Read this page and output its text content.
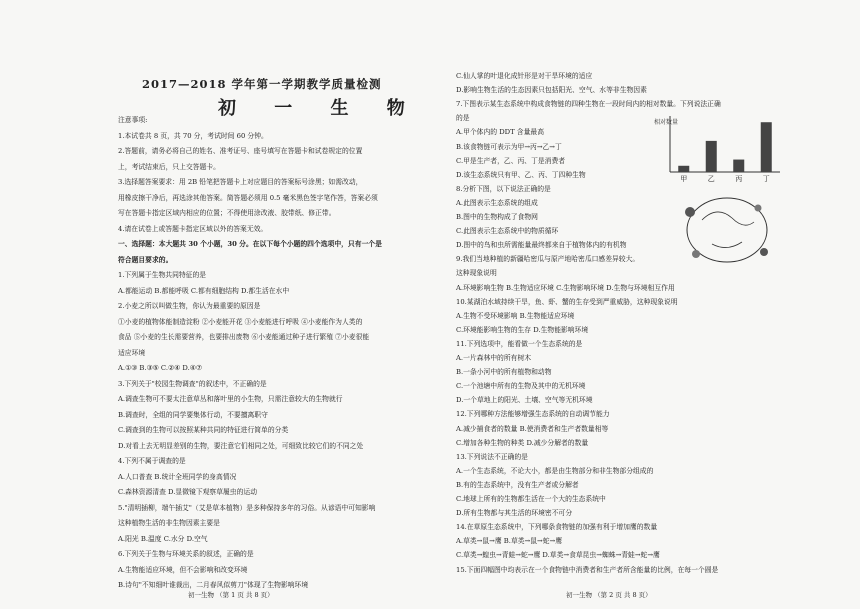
2017—2018 学年第一学期教学质量检测
初 一 生 物
注意事项:
1.本试卷共 8 页，共 70 分，考试时间 60 分钟。
2.答题前，请务必将自己的姓名、准考证号、座号填写在答题卡和试卷规定的位置
上，考试结束后，只上交答题卡。
3.选择题答案要求：用 2B 铅笔把答题卡上对应题目的答案标号涂黑；如需改动，
用橡皮擦干净后，再选涂其他答案。简答题必须用 0.5 毫米黑色签字笔作答，答案必须
写在答题卡指定区域内相应的位置；不得使用涂改液、胶带纸、修正带。
4.请在试卷上或答题卡指定区域以外的答案无效。
一、选择题：本大题共 30 个小题，30 分。在以下每个小题的四个选项中，只有一个是
符合题目要求的。
1.下列属于生物共同特征的是
A.都能运动 B.都能呼吸 C.都有细胞结构 D.都生活在水中
2.小麦之所以叫做生物，你认为最重要的原因是
①小麦的植物体能制造淀粉 ②小麦能开花 ③小麦能进行呼吸 ④小麦能作为人类的
食品 ⑤小麦的生长需要营养，也要排出废物 ⑥小麦能通过种子进行繁殖 ⑦小麦很能
适应环境
A.①③ B.③⑤ C.②④ D.④⑦
3.下列关于"校园生物调查"的叙述中，不正确的是
A.调查生物可不要太注意草丛和落叶里的小生物，只需注意较大的生物就行
B.调查时，全组的同学要集体行动，不要擅离职守
C.调查到的生物可以按照某种共同的特征进行简单的分类
D.对看上去无明显差别的生物，要注意它们相同之处，可细致比较它们的不同之处
4.下列不属于调查的是
A.人口普查 B.统计全班同学的身高情况
C.森林资源清查 D.显微镜下观察草履虫的运动
5."清明插柳，端午插艾"（艾是草本植物）是多种保持多年的习俗。从谚语中可知影响
这种植物生活的非生物因素主要是
A.阳光 B.温度 C.水分 D.空气
6.下列关于生物与环境关系的叙述，正确的是
A.生物能适应环境，但不会影响和改变环境
B.诗句"不知细叶谁裁出，二月春风似剪刀"体现了生物影响环境
初一生物 （第 1 页 共 8 页）
C.仙人掌的叶退化成针形是对干旱环境的适应
D.影响生物生活的生态因素只包括阳光、空气、水等非生物因素
7.下图表示某生态系统中构成食物链的四种生物在一段时间内的相对数量。下列说法正确
的是
A.甲个体内的 DDT 含量最高
B.该食物链可表示为甲→丙→乙→丁
C.甲是生产者，乙、丙、丁是消费者
D.该生态系统只有甲、乙、丙、丁四种生物
8.分析下图，以下说法正确的是
A.此图表示生态系统的组成
B.图中的生物构成了食物网
C.此图表示生态系统中的物质循环
D.图中的鸟和虫所需能量最终都来自于植物体内的有机物
9.我们当地种植的新疆哈密瓜与原产地哈密瓜口感差异较大。
这种现象说明
A.环境影响生物 B.生物适应环境 C.生物影响环境 D.生物与环境相互作用
10.某湖泊水域持续干旱，鱼、虾、蟹的生存受到严重威胁，这种现象说明
A.生物不受环境影响 B.生物能适应环境
C.环境能影响生物的生存 D.生物能影响环境
11.下列选项中，能看做一个生态系统的是
A.一片森林中的所有树木
B.一条小河中的所有植物和动物
C.一个池塘中所有的生物及其中的无机环境
D.一个草地上的阳光、土壤、空气等无机环境
12.下列哪种方法能够增强生态系统的自动调节能力
A.减少捕食者的数量 B.使消费者和生产者数量相等
C.增加各种生物的种类 D.减少分解者的数量
13.下列说法不正确的是
A.一个生态系统，不论大小，都是由生物部分和非生物部分组成的
B.有的生态系统中，没有生产者或分解者
C.地球上所有的生物都生活在一个大的生态系统中
D.所有生物都与其生活的环境密不可分
14.在草原生态系统中，下列哪条食物链的加强有利于增加鹰的数量
A.草类→鼠→鹰 B.草类→鼠→蛇→鹰
C.草类→蝗虫→青蛙→蛇→鹰 D.草类→食草昆虫→蜘蛛→青蛙→蛇→鹰
15.下面四幅图中均表示在一个食物链中消费者和生产者所含能量的比例，在每一个圆是
初一生物 （第 2 页 共 8 页）
相对数量
甲	乙	丙	丁
